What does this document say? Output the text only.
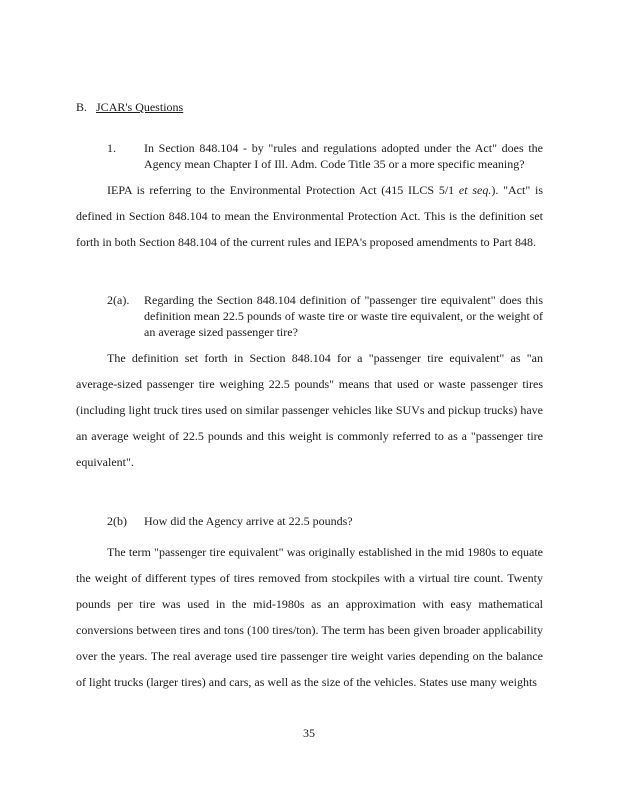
B. JCAR's Questions
1. In Section 848.104 - by "rules and regulations adopted under the Act" does the Agency mean Chapter I of Ill. Adm. Code Title 35 or a more specific meaning?

IEPA is referring to the Environmental Protection Act (415 ILCS 5/1 et seq.). "Act" is defined in Section 848.104 to mean the Environmental Protection Act. This is the definition set forth in both Section 848.104 of the current rules and IEPA's proposed amendments to Part 848.

2(a). Regarding the Section 848.104 definition of "passenger tire equivalent" does this definition mean 22.5 pounds of waste tire or waste tire equivalent, or the weight of an average sized passenger tire?

The definition set forth in Section 848.104 for a "passenger tire equivalent" as "an average-sized passenger tire weighing 22.5 pounds" means that used or waste passenger tires (including light truck tires used on similar passenger vehicles like SUVs and pickup trucks) have an average weight of 22.5 pounds and this weight is commonly referred to as a "passenger tire equivalent".

2(b) How did the Agency arrive at 22.5 pounds?

The term "passenger tire equivalent" was originally established in the mid 1980s to equate the weight of different types of tires removed from stockpiles with a virtual tire count. Twenty pounds per tire was used in the mid-1980s as an approximation with easy mathematical conversions between tires and tons (100 tires/ton). The term has been given broader applicability over the years. The real average used tire passenger tire weight varies depending on the balance of light trucks (larger tires) and cars, as well as the size of the vehicles. States use many weights

35
